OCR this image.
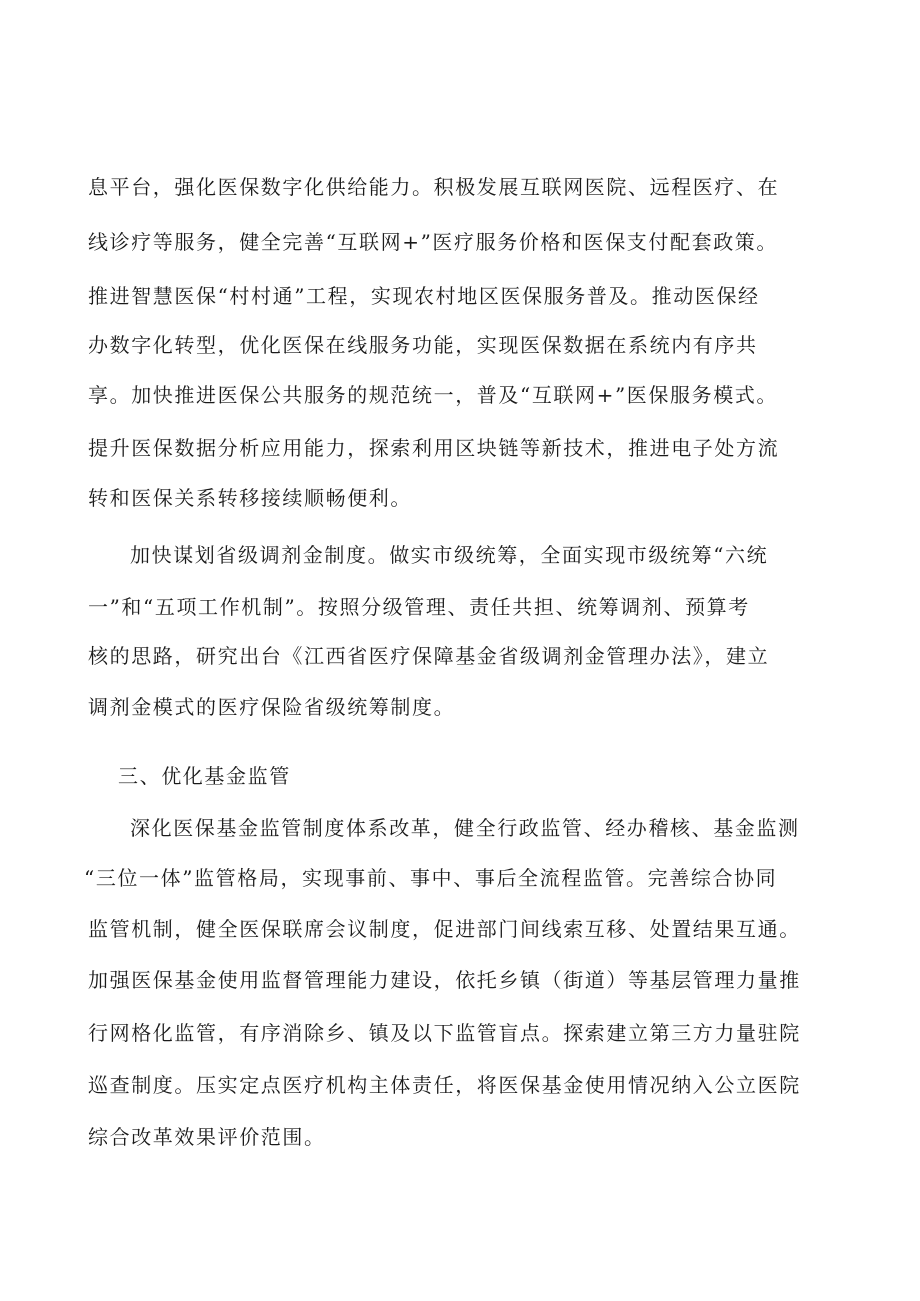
息平台，强化医保数字化供给能力。积极发展互联网医院、远程医疗、在
线诊疗等服务，健全完善“互联网+”医疗服务价格和医保支付配套政策。
推进智慧医保“村村通”工程，实现农村地区医保服务普及。推动医保经
办数字化转型，优化医保在线服务功能，实现医保数据在系统内有序共
享。加快推进医保公共服务的规范统一，普及“互联网+”医保服务模式。
提升医保数据分析应用能力，探索利用区块链等新技术，推进电子处方流
转和医保关系转移接续顺畅便利。
加快谋划省级调剂金制度。做实市级统筹，全面实现市级统筹“六统
一”和“五项工作机制”。按照分级管理、责任共担、统筹调剂、预算考
核的思路，研究出台《江西省医疗保障基金省级调剂金管理办法》，建立
调剂金模式的医疗保险省级统筹制度。
三、优化基金监管
深化医保基金监管制度体系改革，健全行政监管、经办稽核、基金监测
“三位一体”监管格局，实现事前、事中、事后全流程监管。完善综合协同
监管机制，健全医保联席会议制度，促进部门间线索互移、处置结果互通。
加强医保基金使用监督管理能力建设，依托乡镇（街道）等基层管理力量推
行网格化监管，有序消除乡、镇及以下监管盲点。探索建立第三方力量驻院
巡查制度。压实定点医疗机构主体责任，将医保基金使用情况纳入公立医院
综合改革效果评价范围。
